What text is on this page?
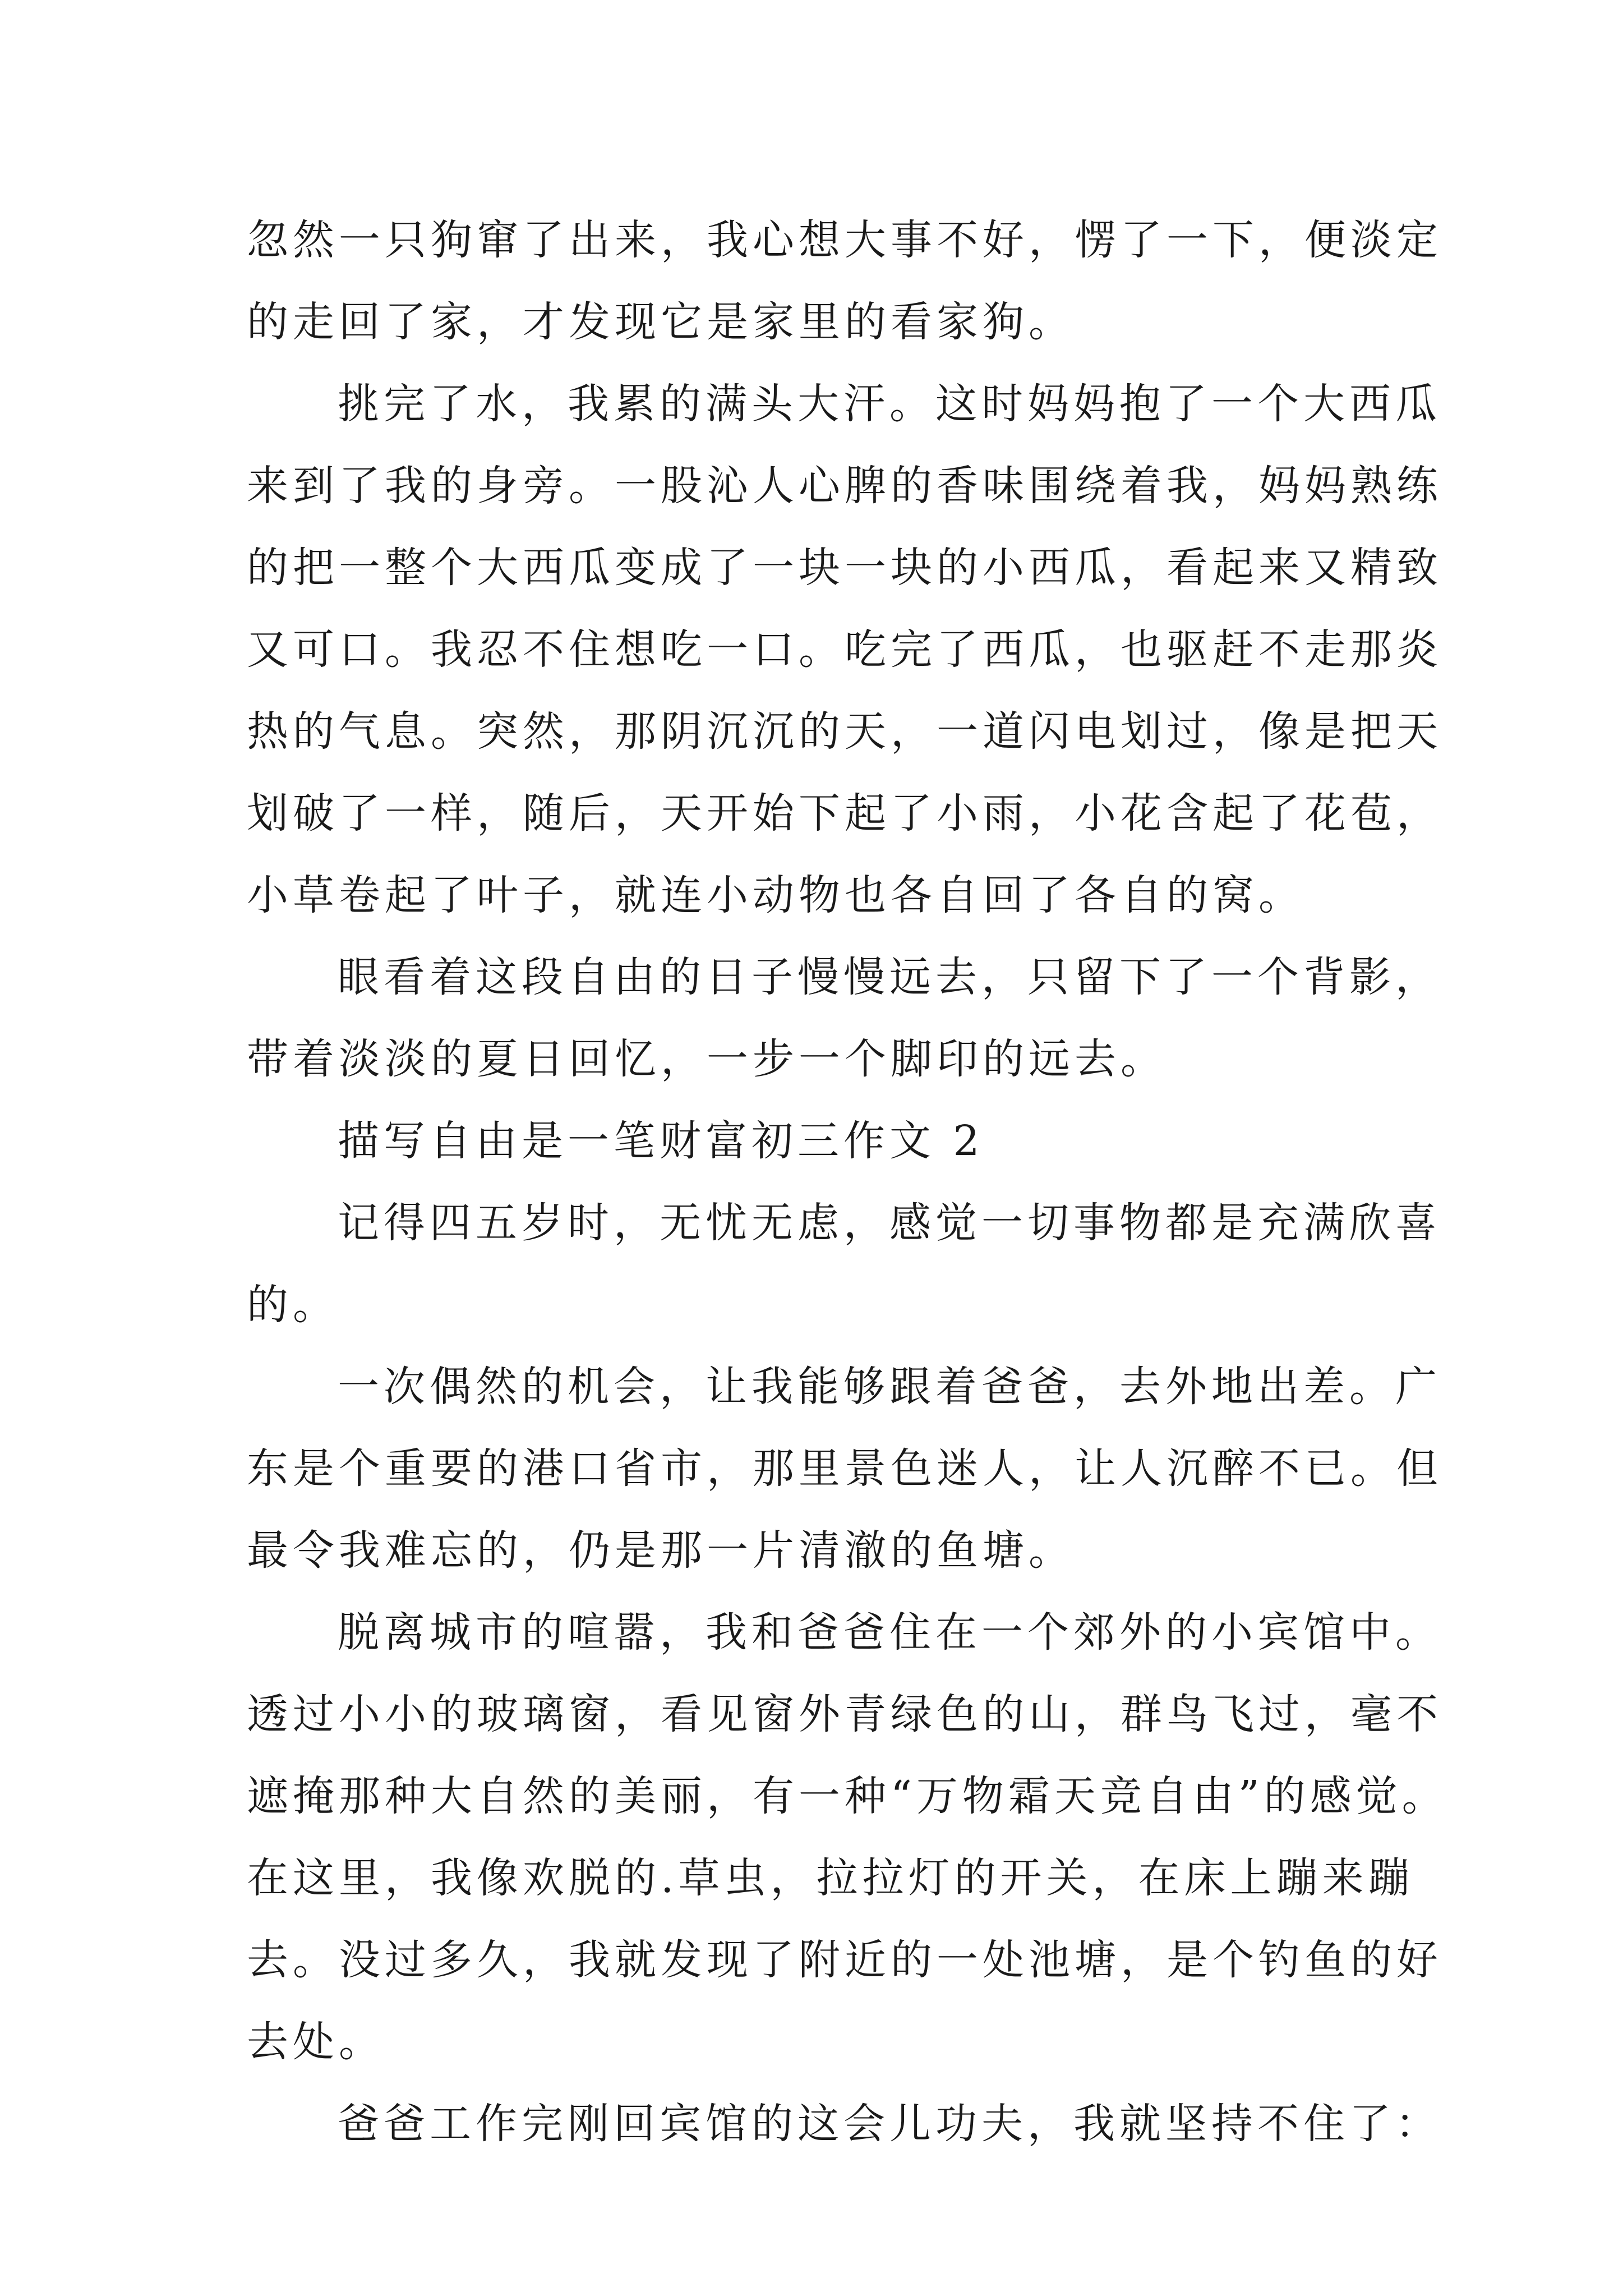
忽然一只狗窜了出来，我心想大事不好，愣了一下，便淡定
的走回了家，才发现它是家里的看家狗。
挑完了水，我累的满头大汗。这时妈妈抱了一个大西瓜
来到了我的身旁。一股沁人心脾的香味围绕着我，妈妈熟练
的把一整个大西瓜变成了一块一块的小西瓜，看起来又精致
又可口。我忍不住想吃一口。吃完了西瓜，也驱赶不走那炎
热的气息。突然，那阴沉沉的天，一道闪电划过，像是把天
划破了一样，随后，天开始下起了小雨，小花含起了花苞，
小草卷起了叶子，就连小动物也各自回了各自的窝。
眼看着这段自由的日子慢慢远去，只留下了一个背影，
带着淡淡的夏日回忆，一步一个脚印的远去。
描写自由是一笔财富初三作文 2
记得四五岁时，无忧无虑，感觉一切事物都是充满欣喜
的。
一次偶然的机会，让我能够跟着爸爸，去外地出差。广
东是个重要的港口省市，那里景色迷人，让人沉醉不已。但
最令我难忘的，仍是那一片清澈的鱼塘。
脱离城市的喧嚣，我和爸爸住在一个郊外的小宾馆中。
透过小小的玻璃窗，看见窗外青绿色的山，群鸟飞过，毫不
遮掩那种大自然的美丽，有一种“万物霜天竞自由”的感觉。
在这里，我像欢脱的.草虫，拉拉灯的开关，在床上蹦来蹦
去。没过多久，我就发现了附近的一处池塘，是个钓鱼的好
去处。
爸爸工作完刚回宾馆的这会儿功夫，我就坚持不住了：
